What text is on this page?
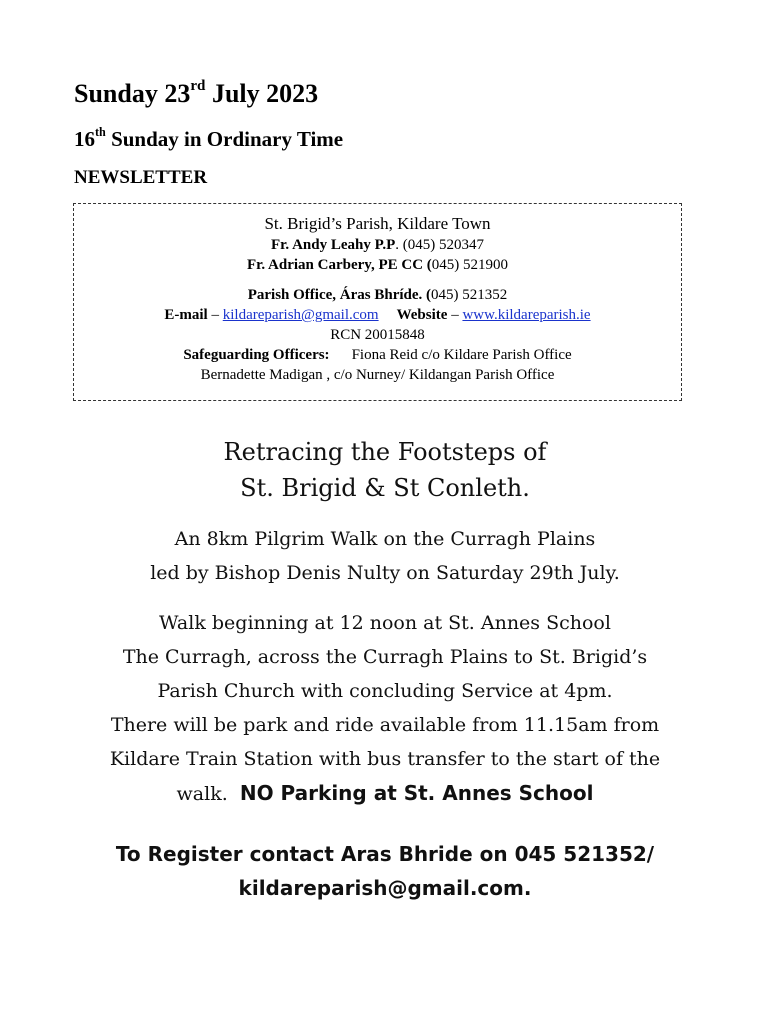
Sunday 23rd July 2023
16th Sunday in Ordinary Time
NEWSLETTER
St. Brigid’s Parish, Kildare Town
Fr. Andy Leahy P.P. (045) 520347
Fr. Adrian Carbery, PE CC (045) 521900
Parish Office, Áras Bhríde. (045) 521352
E-mail – kildareparish@gmail.com Website – www.kildareparish.ie
RCN 20015848
Safeguarding Officers: Fiona Reid c/o Kildare Parish Office
Bernadette Madigan , c/o Nurney/ Kildangan Parish Office

Retracing the Footsteps of

St. Brigid & St Conleth.

An 8km Pilgrim Walk on the Curragh Plains

led by Bishop Denis Nulty on Saturday 29th July.

Walk beginning at 12 noon at St. Annes School

The Curragh, across the Curragh Plains to St. Brigid’s

Parish Church with concluding Service at 4pm.

There will be park and ride available from 11.15am from

Kildare Train Station with bus transfer to the start of the

walk.  NO Parking at St. Annes School

To Register contact Aras Bhride on 045 521352/
kildareparish@gmail.com.
